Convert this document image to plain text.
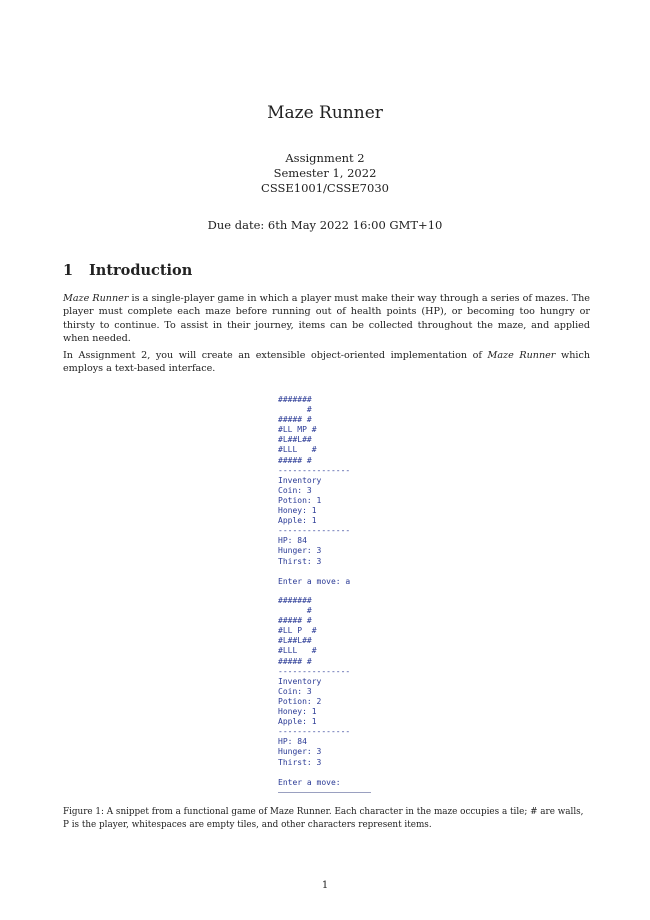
Maze Runner
Assignment 2
Semester 1, 2022
CSSE1001/CSSE7030
Due date: 6th May 2022 16:00 GMT+10
1 Introduction
Maze Runner is a single-player game in which a player must make their way through a series of mazes. The player must complete each maze before running out of health points (HP), or becoming too hungry or thirsty to continue. To assist in their journey, items can be collected throughout the maze, and applied when needed.
In Assignment 2, you will create an extensible object-oriented implementation of Maze Runner which employs a text-based interface.
#######
#
##### #
#LL MP #
#L##L##
#LLL   #
##### #
---------------
Inventory
Coin: 3
Potion: 1
Honey: 1
Apple: 1
---------------
HP: 84
Hunger: 3
Thirst: 3

Enter a move: a
#######
#
##### #
#LL P  #
#L##L##
#LLL   #
##### #
---------------
Inventory
Coin: 3
Potion: 2
Honey: 1
Apple: 1
---------------
HP: 84
Hunger: 3
Thirst: 3

Enter a move:
Figure 1: A snippet from a functional game of Maze Runner. Each character in the maze occupies a tile; # are walls, P is the player, whitespaces are empty tiles, and other characters represent items.
1
